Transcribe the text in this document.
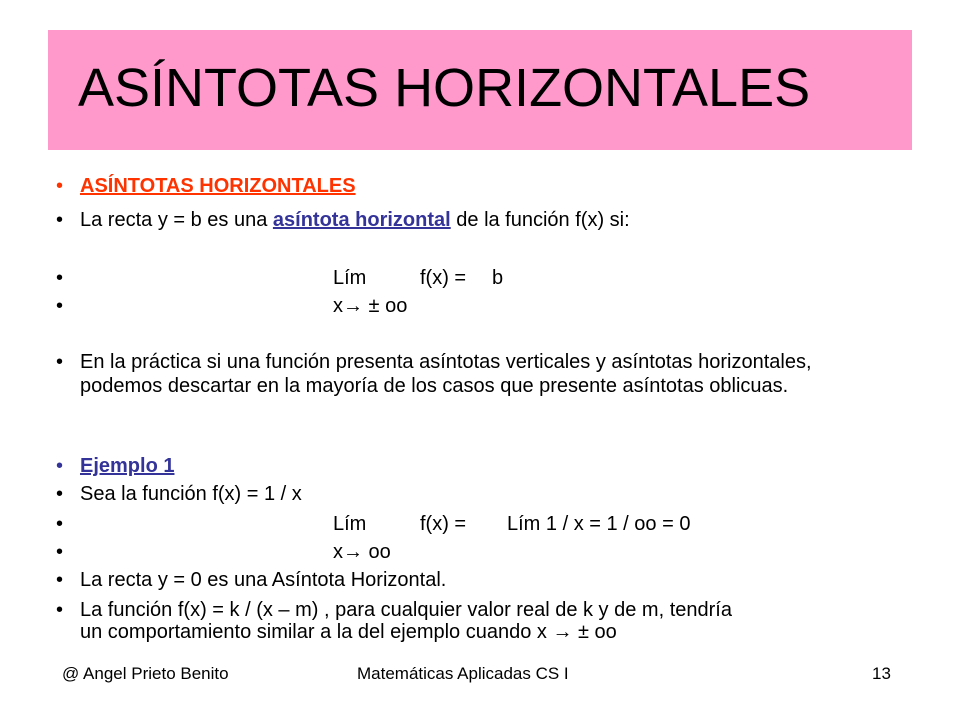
ASÍNTOTAS HORIZONTALES
• ASÍNTOTAS HORIZONTALES
• La recta y = b es una asíntota horizontal de la función f(x) si:
•	Lím	f(x) = b
•	x→ ± oo
• En la práctica si una función presenta asíntotas verticales y asíntotas horizontales, podemos descartar en la mayoría de los casos que presente asíntotas oblicuas.
• Ejemplo 1
• Sea la función f(x) = 1 / x
•	Lím	f(x) = Lím 1 / x = 1 / oo = 0
•	x→ oo
• La recta y = 0 es una Asíntota Horizontal.
• La función f(x) = k / (x – m) , para cualquier valor real de k y de m, tendría
un comportamiento similar a la del ejemplo cuando x → ± oo
@ Angel Prieto Benito	Matemáticas Aplicadas CS I	13
